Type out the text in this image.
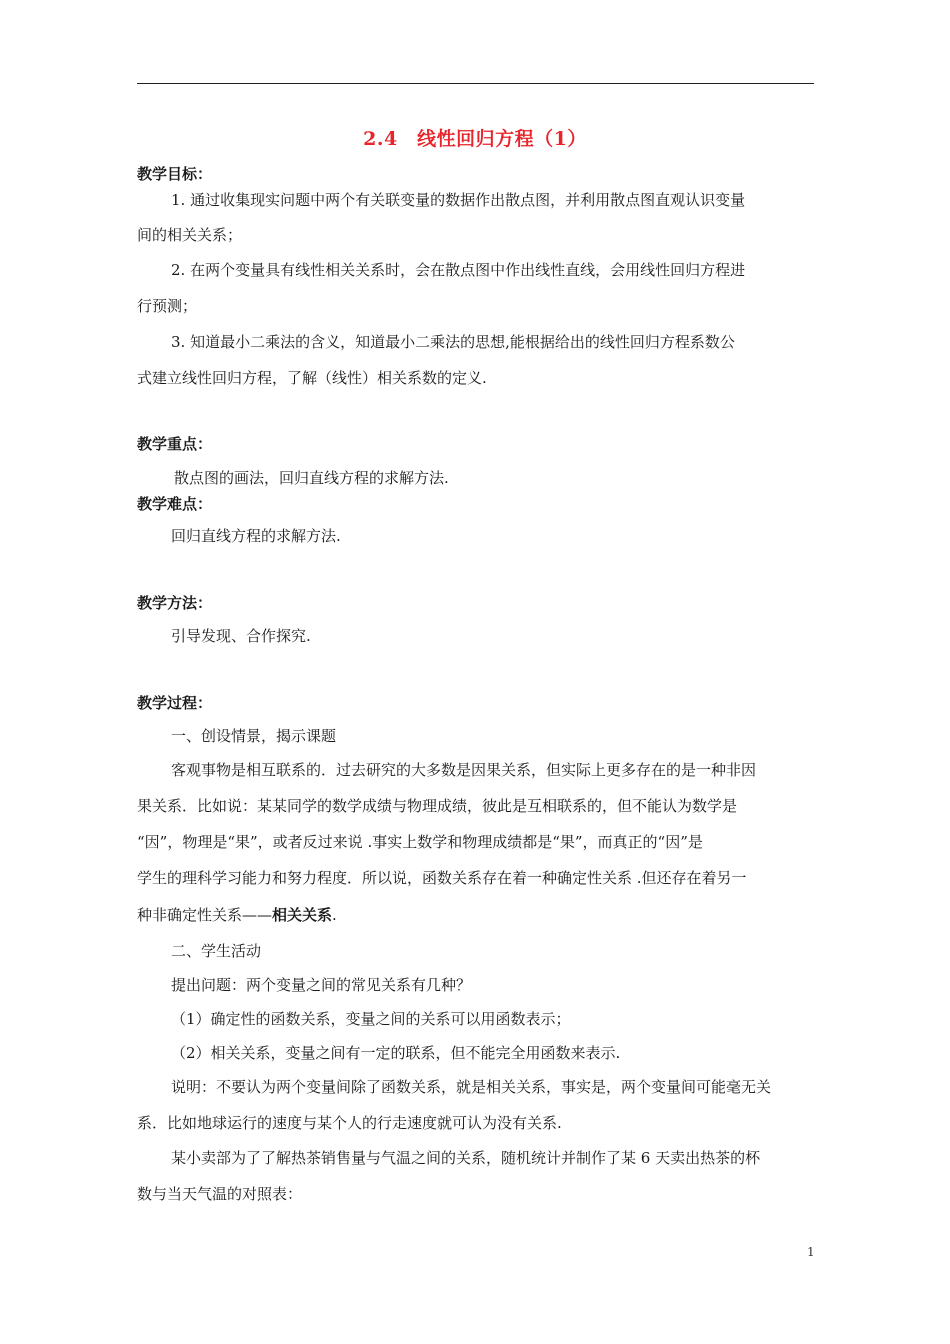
2.4　线性回归方程（1）
教学目标：
1. 通过收集现实问题中两个有关联变量的数据作出散点图，并利用散点图直观认识变量
间的相关关系；
2. 在两个变量具有线性相关关系时，会在散点图中作出线性直线，会用线性回归方程进
行预测；
3. 知道最小二乘法的含义，知道最小二乘法的思想,能根据给出的线性回归方程系数公
式建立线性回归方程，了解（线性）相关系数的定义.
教学重点：
散点图的画法，回归直线方程的求解方法.
教学难点：
回归直线方程的求解方法.
教学方法：
引导发现、合作探究.
教学过程：
一、创设情景，揭示课题
客观事物是相互联系的．过去研究的大多数是因果关系，但实际上更多存在的是一种非因
果关系．比如说：某某同学的数学成绩与物理成绩，彼此是互相联系的，但不能认为数学是
“因”，物理是“果”，或者反过来说 .事实上数学和物理成绩都是“果”，而真正的“因”是
学生的理科学习能力和努力程度．所以说，函数关系存在着一种确定性关系 .但还存在着另一
种非确定性关系——相关关系.
二、学生活动
提出问题：两个变量之间的常见关系有几种？
（1）确定性的函数关系，变量之间的关系可以用函数表示；
（2）相关关系，变量之间有一定的联系，但不能完全用函数来表示.
说明：不要认为两个变量间除了函数关系，就是相关关系，事实是，两个变量间可能毫无关
系．比如地球运行的速度与某个人的行走速度就可认为没有关系.
某小卖部为了了解热茶销售量与气温之间的关系，随机统计并制作了某 6 天卖出热茶的杯
数与当天气温的对照表：
1
